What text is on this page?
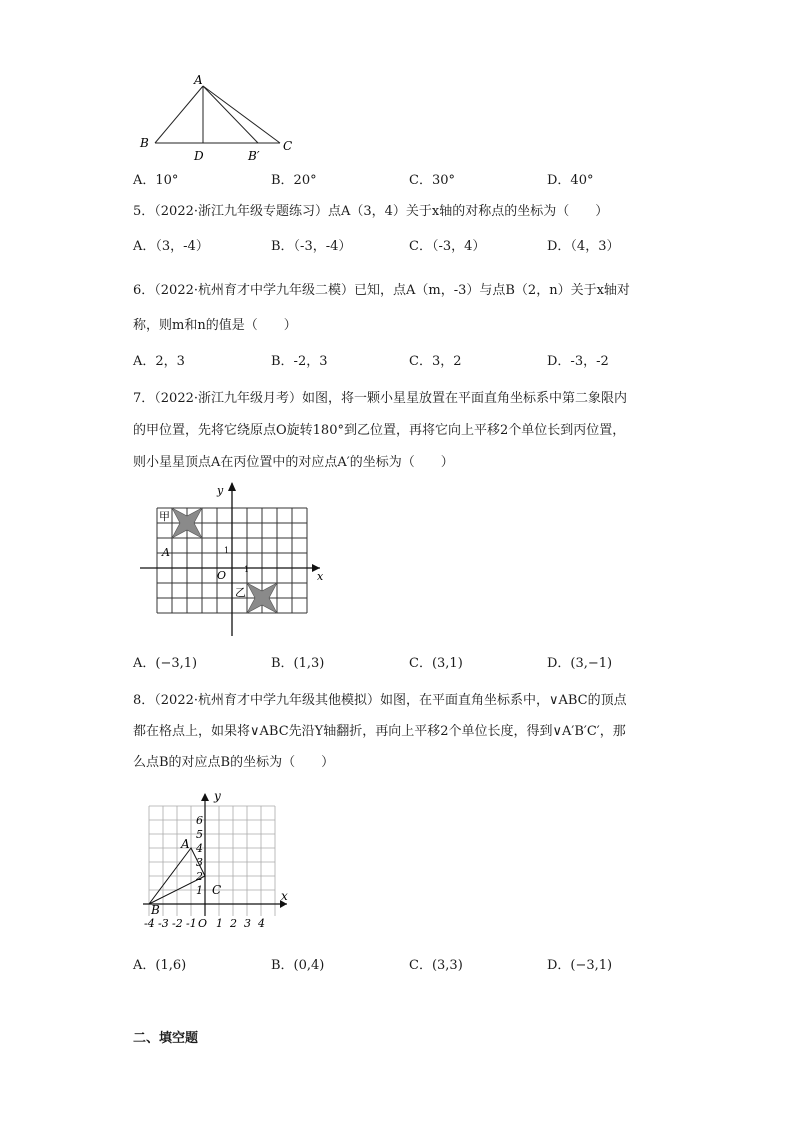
A
B
D	B′
C
A．10°	B．20°	C．30°	D．40°
5．（2022·浙江九年级专题练习）点A（3，4）关于x轴的对称点的坐标为（　　）
A．（3，-4）	B．（-3，-4）	C．（-3，4）	D．（4，3）
6．（2022·杭州育才中学九年级二模）已知，点A（m，-3）与点B（2，n）关于x轴对
称，则m和n的值是（　　）
A．2，3	B．-2，3	C．3，2	D．-3，-2
7．（2022·浙江九年级月考）如图，将一颗小星星放置在平面直角坐标系中第二象限内
的甲位置，先将它绕原点O旋转180°到乙位置，再将它向上平移2个单位长到丙位置，
则小星星顶点A在丙位置中的对应点A′的坐标为（　　）
y
x
O
1
1
甲
乙
A
A．(−3,1)	B．(1,3)	C．(3,1)	D．(3,−1)
8．（2022·杭州育才中学九年级其他模拟）如图，在平面直角坐标系中，∨ABC的顶点
都在格点上，如果将∨ABC先沿Y轴翻折，再向上平移2个单位长度，得到∨A′B′C′，那
么点B的对应点B的坐标为（　　）
y
x
A
B
C
1
2
3
4
5
6
-4 -3 -2 -1 O 1 2 3 4
A．(1,6)	B．(0,4)	C．(3,3)	D．(−3,1)
二、填空题
